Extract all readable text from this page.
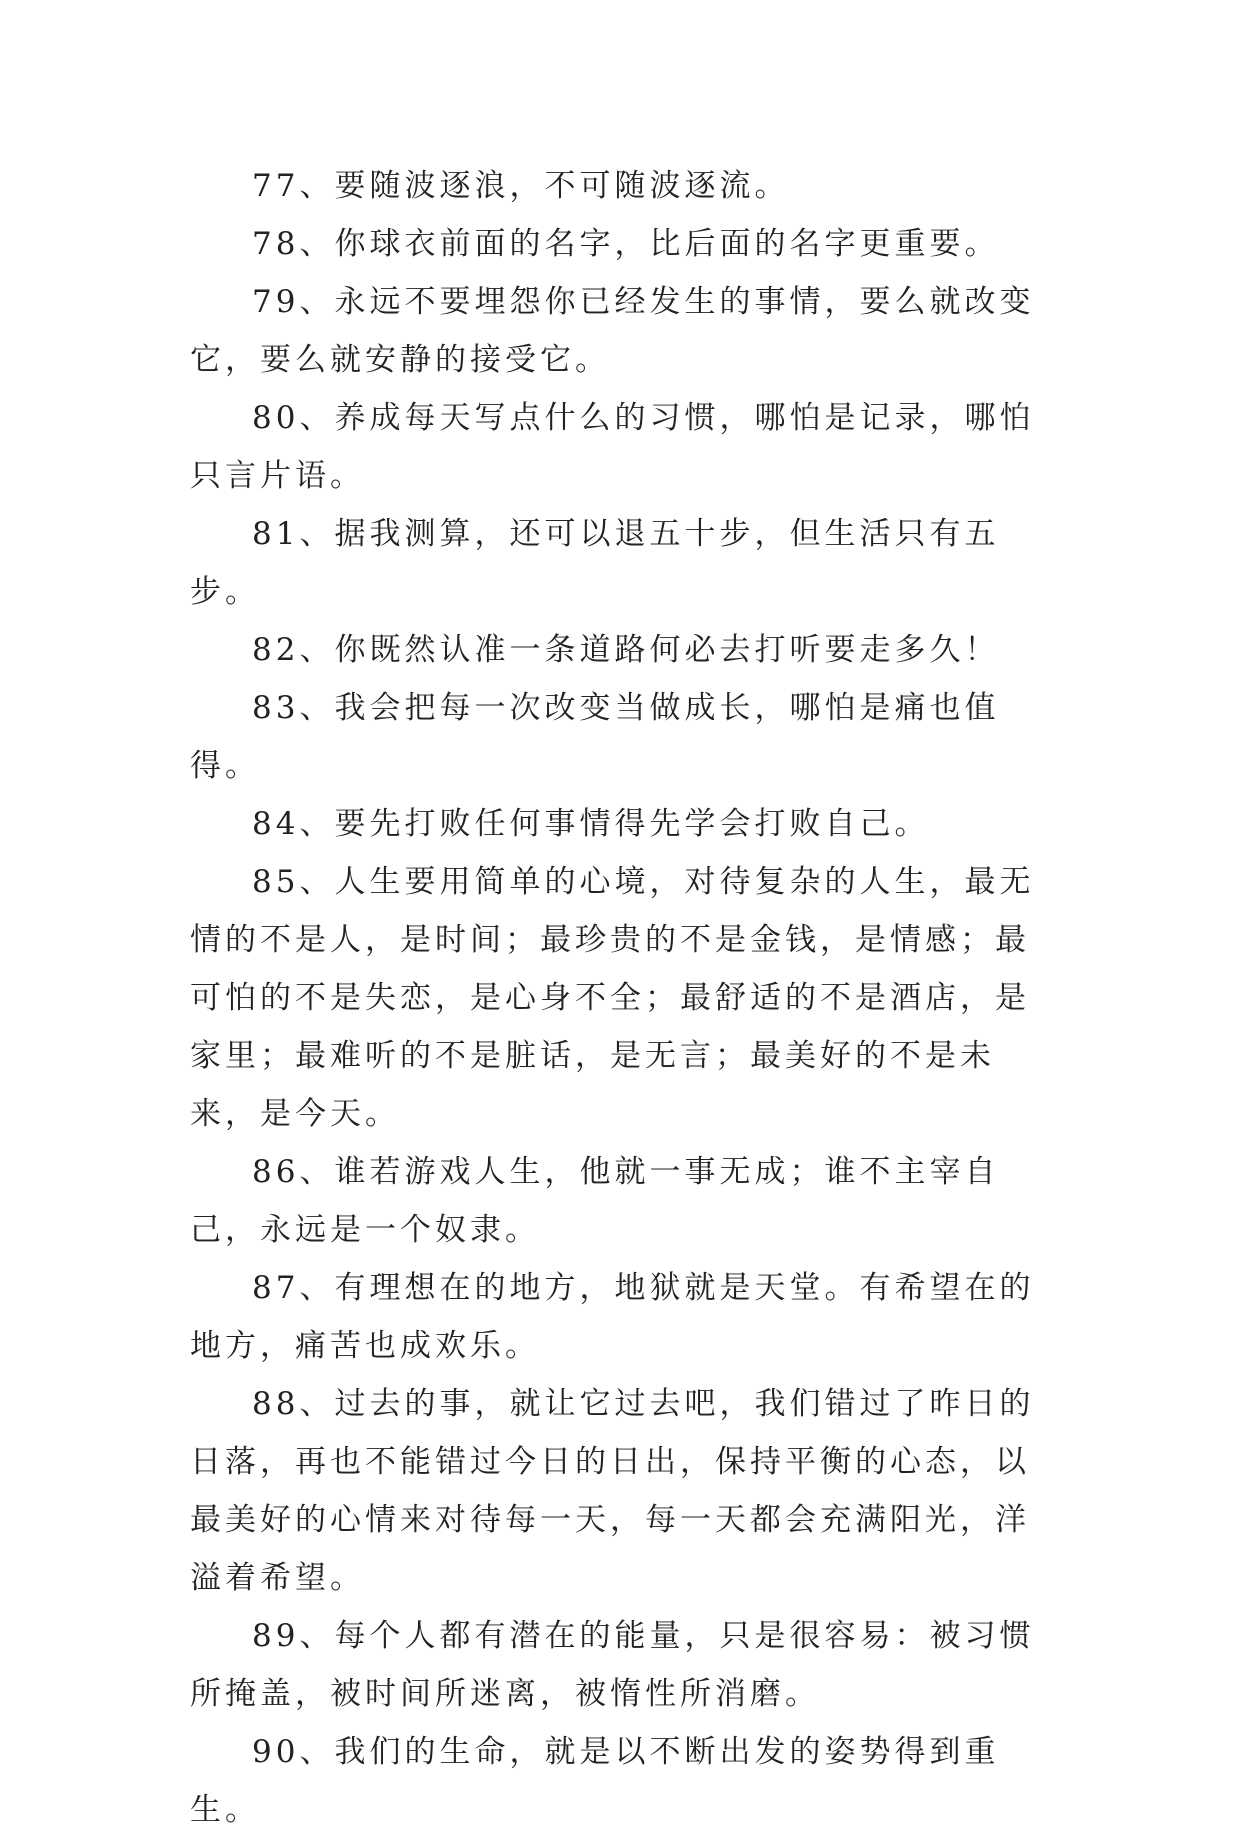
77、要随波逐浪，不可随波逐流。

78、你球衣前面的名字，比后面的名字更重要。

79、永远不要埋怨你已经发生的事情，要么就改变它，要么就安静的接受它。

80、养成每天写点什么的习惯，哪怕是记录，哪怕只言片语。

81、据我测算，还可以退五十步，但生活只有五步。

82、你既然认准一条道路何必去打听要走多久！

83、我会把每一次改变当做成长，哪怕是痛也值得。

84、要先打败任何事情得先学会打败自己。

85、人生要用简单的心境，对待复杂的人生，最无情的不是人，是时间；最珍贵的不是金钱，是情感；最可怕的不是失恋，是心身不全；最舒适的不是酒店，是家里；最难听的不是脏话，是无言；最美好的不是未来，是今天。

86、谁若游戏人生，他就一事无成；谁不主宰自己，永远是一个奴隶。

87、有理想在的地方，地狱就是天堂。有希望在的地方，痛苦也成欢乐。

88、过去的事，就让它过去吧，我们错过了昨日的日落，再也不能错过今日的日出，保持平衡的心态，以最美好的心情来对待每一天，每一天都会充满阳光，洋溢着希望。

89、每个人都有潜在的能量，只是很容易：被习惯所掩盖，被时间所迷离，被惰性所消磨。

90、我们的生命，就是以不断出发的姿势得到重生。
